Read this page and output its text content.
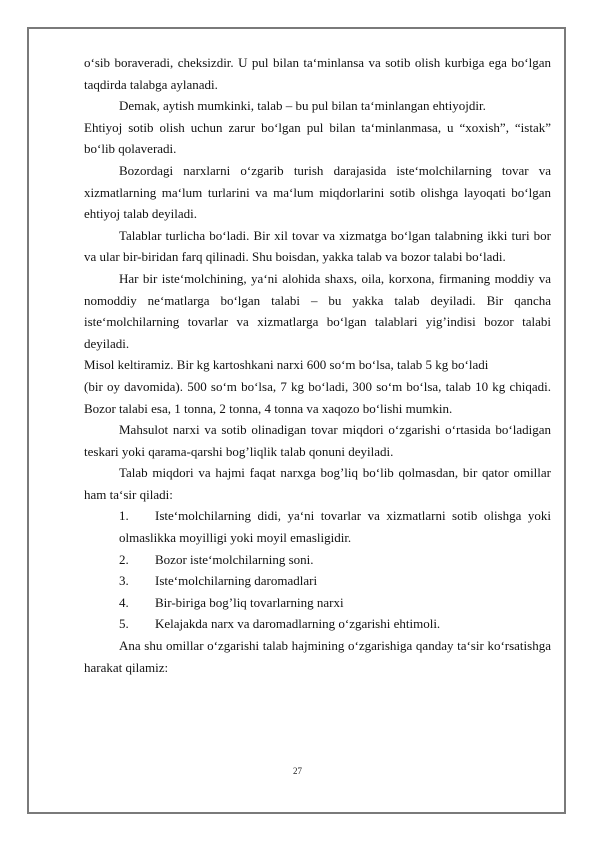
o‘sib boraveradi, cheksizdir. U pul bilan ta‘minlansa va sotib olish kurbiga ega bo‘lgan taqdirda talabga aylanadi.

Demak, aytish mumkinki, talab – bu pul bilan ta‘minlangan ehtiyojdir.

Ehtiyoj sotib olish uchun zarur bo‘lgan pul bilan ta‘minlanmasa, u “xoxish”, “istak” bo‘lib qolaveradi.

Bozordagi narxlarni o‘zgarib turish darajasida iste‘molchilarning tovar va xizmatlarning ma‘lum turlarini va ma‘lum miqdorlarini sotib olishga layoqati bo‘lgan ehtiyoj talab deyiladi.

Talablar turlicha bo‘ladi. Bir xil tovar va xizmatga bo‘lgan talabning ikki turi bor va ular bir-biridan farq qilinadi. Shu boisdan, yakka talab va bozor talabi bo‘ladi.

Har bir iste‘molchining, ya‘ni alohida shaxs, oila, korxona, firmaning moddiy va nomoddiy ne‘matlarga bo‘lgan talabi – bu yakka talab deyiladi. Bir qancha iste‘molchilarning tovarlar va xizmatlarga bo‘lgan talablari yig’indisi bozor talabi deyiladi.

Misol keltiramiz. Bir kg kartoshkani narxi 600 so‘m bo‘lsa, talab 5 kg bo‘ladi

(bir oy davomida). 500 so‘m bo‘lsa, 7 kg bo‘ladi, 300 so‘m bo‘lsa, talab 10 kg chiqadi. Bozor talabi esa, 1 tonna, 2 tonna, 4 tonna va xaqozo bo‘lishi mumkin.

Mahsulot narxi va sotib olinadigan tovar miqdori o‘zgarishi o‘rtasida bo‘ladigan teskari yoki qarama-qarshi bog’liqlik talab qonuni deyiladi.

Talab miqdori va hajmi faqat narxga bog’liq bo‘lib qolmasdan, bir qator omillar ham ta‘sir qiladi:

1.	Iste‘molchilarning didi, ya‘ni tovarlar va xizmatlarni sotib olishga yoki olmaslikka moyilligi yoki moyil emasligidir.
2.	Bozor iste‘molchilarning soni.
3.	Iste‘molchilarning daromadlari
4.	Bir-biriga bog’liq tovarlarning narxi
5.	Kelajakda narx va daromadlarning o‘zgarishi ehtimoli.

Ana shu omillar o‘zgarishi talab hajmining o‘zgarishiga qanday ta‘sir ko‘rsatishga harakat qilamiz:

27
